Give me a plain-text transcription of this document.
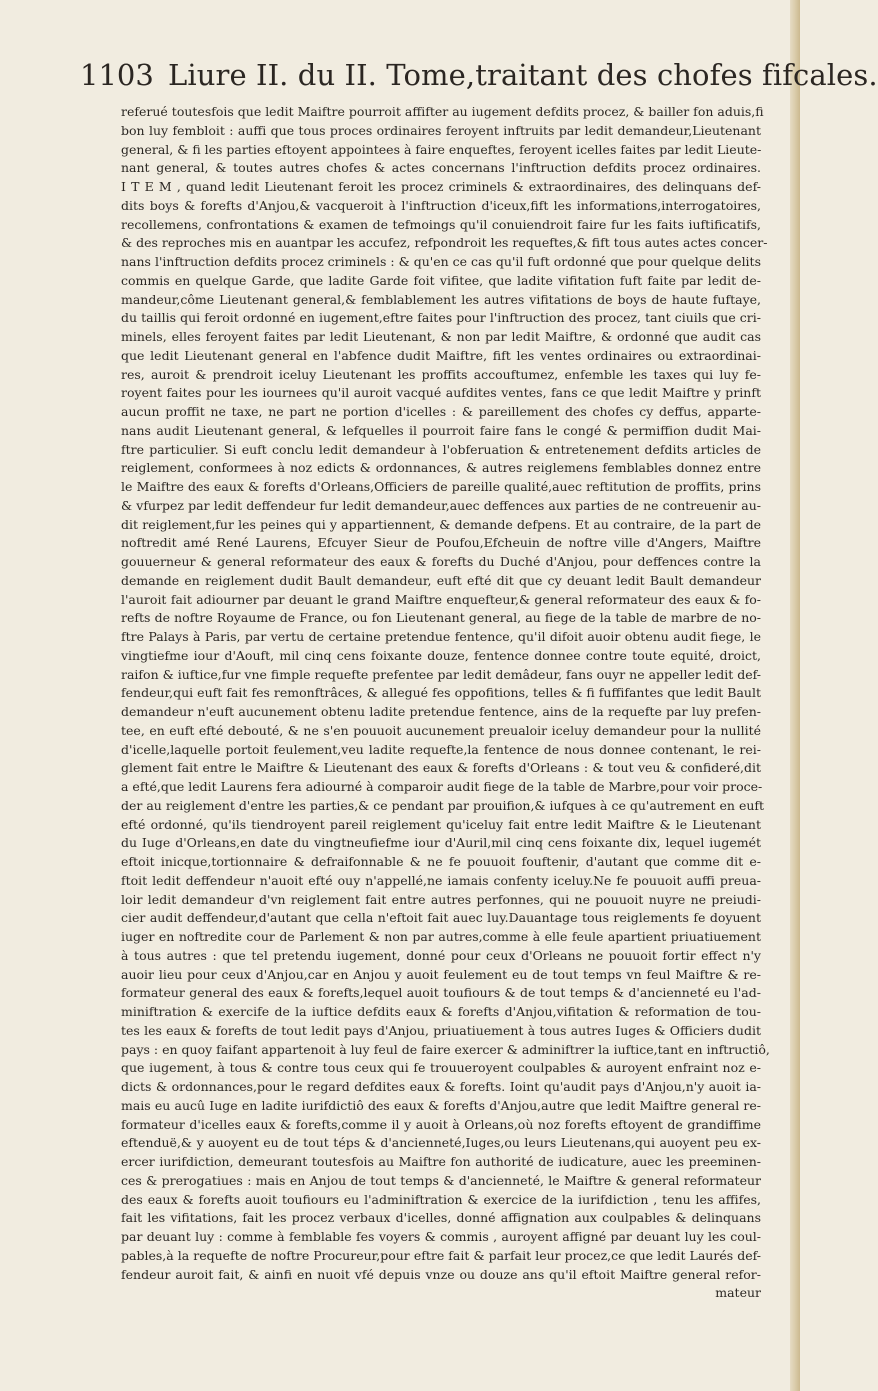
1103 Liure II. du II. Tome,traitant des chofes fifcales.
referué toutesfois que ledit Maiftre pourroit affifter au iugement defdits procez, & bailler fon aduis,fi
bon luy fembloit : auffi que tous proces ordinaires feroyent inftruits par ledit demandeur,Lieutenant
general, & fi les parties eftoyent appointees à faire enqueftes, feroyent icelles faites par ledit Lieute-
nant general, & toutes autres chofes & actes concernans l'inftruction defdits procez ordinaires.
I T E M , quand ledit Lieutenant feroit les procez criminels & extraordinaires, des delinquans def-
dits boys & forefts d'Anjou,& vacqueroit à l'inftruction d'iceux,fift les informations,interrogatoires,
recollemens, confrontations & examen de tefmoings qu'il conuiendroit faire fur les faits iuftificatifs,
& des reproches mis en auantpar les accufez, refpondroit les requeftes,& fift tous autes actes concer-
nans l'inftruction defdits procez criminels : & qu'en ce cas qu'il fuft ordonné que pour quelque delits
commis en quelque Garde, que ladite Garde foit vifitee, que ladite vifitation fuft faite par ledit de-
mandeur,côme Lieutenant general,& femblablement les autres vifitations de boys de haute fuftaye,
du taillis qui feroit ordonné en iugement,eftre faites pour l'inftruction des procez, tant ciuils que cri-
minels, elles feroyent faites par ledit Lieutenant, & non par ledit Maiftre, & ordonné que audit cas
que ledit Lieutenant general en l'abfence dudit Maiftre, fift les ventes ordinaires ou extraordinai-
res, auroit & prendroit iceluy Lieutenant les proffits accouftumez, enfemble les taxes qui luy fe-
royent faites pour les iournees qu'il auroit vacqué aufdites ventes, fans ce que ledit Maiftre y prinft
aucun proffit ne taxe, ne part ne portion d'icelles : & pareillement des chofes cy deffus, apparte-
nans audit Lieutenant general, & lefquelles il pourroit faire fans le congé & permiffion dudit Mai-
ftre particulier. Si euft conclu ledit demandeur à l'obferuation & entretenement defdits articles de
reiglement, conformees à noz edicts & ordonnances, & autres reiglemens femblables donnez entre
le Maiftre des eaux & forefts d'Orleans,Officiers de pareille qualité,auec reftitution de proffits, prins
& vfurpez par ledit deffendeur fur ledit demandeur,auec deffences aux parties de ne contreuenir au-
dit reiglement,fur les peines qui y appartiennent, & demande defpens. Et au contraire, de la part de
noftredit amé René Laurens, Efcuyer Sieur de Poufou,Efcheuin de noftre ville d'Angers, Maiftre
gouuerneur & general reformateur des eaux & forefts du Duché d'Anjou, pour deffences contre la
demande en reiglement dudit Bault demandeur, euft efté dit que cy deuant ledit Bault demandeur
l'auroit fait adiourner par deuant le grand Maiftre enquefteur,& general reformateur des eaux & fo-
refts de noftre Royaume de France, ou fon Lieutenant general, au fiege de la table de marbre de no-
ftre Palays à Paris, par vertu de certaine pretendue fentence, qu'il difoit auoir obtenu audit fiege, le
vingtiefme iour d'Aouft, mil cinq cens foixante douze, fentence donnee contre toute equité, droict,
raifon & iuftice,fur vne fimple requefte prefentee par ledit demâdeur, fans ouyr ne appeller ledit def-
fendeur,qui euft fait fes remonftrâces, & allegué fes oppofitions, telles & fi fuffifantes que ledit Bault
demandeur n'euft aucunement obtenu ladite pretendue fentence, ains de la requefte par luy prefen-
tee, en euft efté debouté, & ne s'en pouuoit aucunement preualoir iceluy demandeur pour la nullité
d'icelle,laquelle portoit feulement,veu ladite requefte,la fentence de nous donnee contenant, le rei-
glement fait entre le Maiftre & Lieutenant des eaux & forefts d'Orleans : & tout veu & confideré,dit
a efté,que ledit Laurens fera adiourné à comparoir audit fiege de la table de Marbre,pour voir proce-
der au reiglement d'entre les parties,& ce pendant par prouifion,& iufques à ce qu'autrement en euft
efté ordonné, qu'ils tiendroyent pareil reiglement qu'iceluy fait entre ledit Maiftre & le Lieutenant
du Iuge d'Orleans,en date du vingtneufiefme iour d'Auril,mil cinq cens foixante dix, lequel iugemét
eftoit inicque,tortionnaire & defraifonnable & ne fe pouuoit fouftenir, d'autant que comme dit e-
ftoit ledit deffendeur n'auoit efté ouy n'appellé,ne iamais confenty iceluy.Ne fe pouuoit auffi preua-
loir ledit demandeur d'vn reiglement fait entre autres perfonnes, qui ne pouuoit nuyre ne preiudi-
cier audit deffendeur,d'autant que cella n'eftoit fait auec luy.Dauantage tous reiglements fe doyuent
iuger en noftredite cour de Parlement & non par autres,comme à elle feule apartient priuatiuement
à tous autres : que tel pretendu iugement, donné pour ceux d'Orleans ne pouuoit fortir effect n'y
auoir lieu pour ceux d'Anjou,car en Anjou y auoit feulement eu de tout temps vn feul Maiftre & re-
formateur general des eaux & forefts,lequel auoit toufiours & de tout temps & d'ancienneté eu l'ad-
miniftration & exercife de la iuftice defdits eaux & forefts d'Anjou,vifitation & reformation de tou-
tes les eaux & forefts de tout ledit pays d'Anjou, priuatiuement à tous autres Iuges & Officiers dudit
pays : en quoy faifant appartenoit à luy feul de faire exercer & adminiftrer la iuftice,tant en inftructiô,
que iugement, à tous & contre tous ceux qui fe trouueroyent coulpables & auroyent enfraint noz e-
dicts & ordonnances,pour le regard defdites eaux & forefts. Ioint qu'audit pays d'Anjou,n'y auoit ia-
mais eu aucû Iuge en ladite iurifdictiô des eaux & forefts d'Anjou,autre que ledit Maiftre general re-
formateur d'icelles eaux & forefts,comme il y auoit à Orleans,où noz forefts eftoyent de grandiffime
eftenduë,& y auoyent eu de tout téps & d'ancienneté,Iuges,ou leurs Lieutenans,qui auoyent peu ex-
ercer iurifdiction, demeurant toutesfois au Maiftre fon authorité de iudicature, auec les preeminen-
ces & prerogatiues : mais en Anjou de tout temps & d'ancienneté, le Maiftre & general reformateur
des eaux & forefts auoit toufiours eu l'adminiftration & exercice de la iurifdiction , tenu les affifes,
fait les vifitations, fait les procez verbaux d'icelles, donné affignation aux coulpables & delinquans
par deuant luy : comme à femblable fes voyers & commis , auroyent affigné par deuant luy les coul-
pables,à la requefte de noftre Procureur,pour eftre fait & parfait leur procez,ce que ledit Laurés def-
fendeur auroit fait, & ainfi en nuoit vfé depuis vnze ou douze ans qu'il eftoit Maiftre general refor-
mateur
